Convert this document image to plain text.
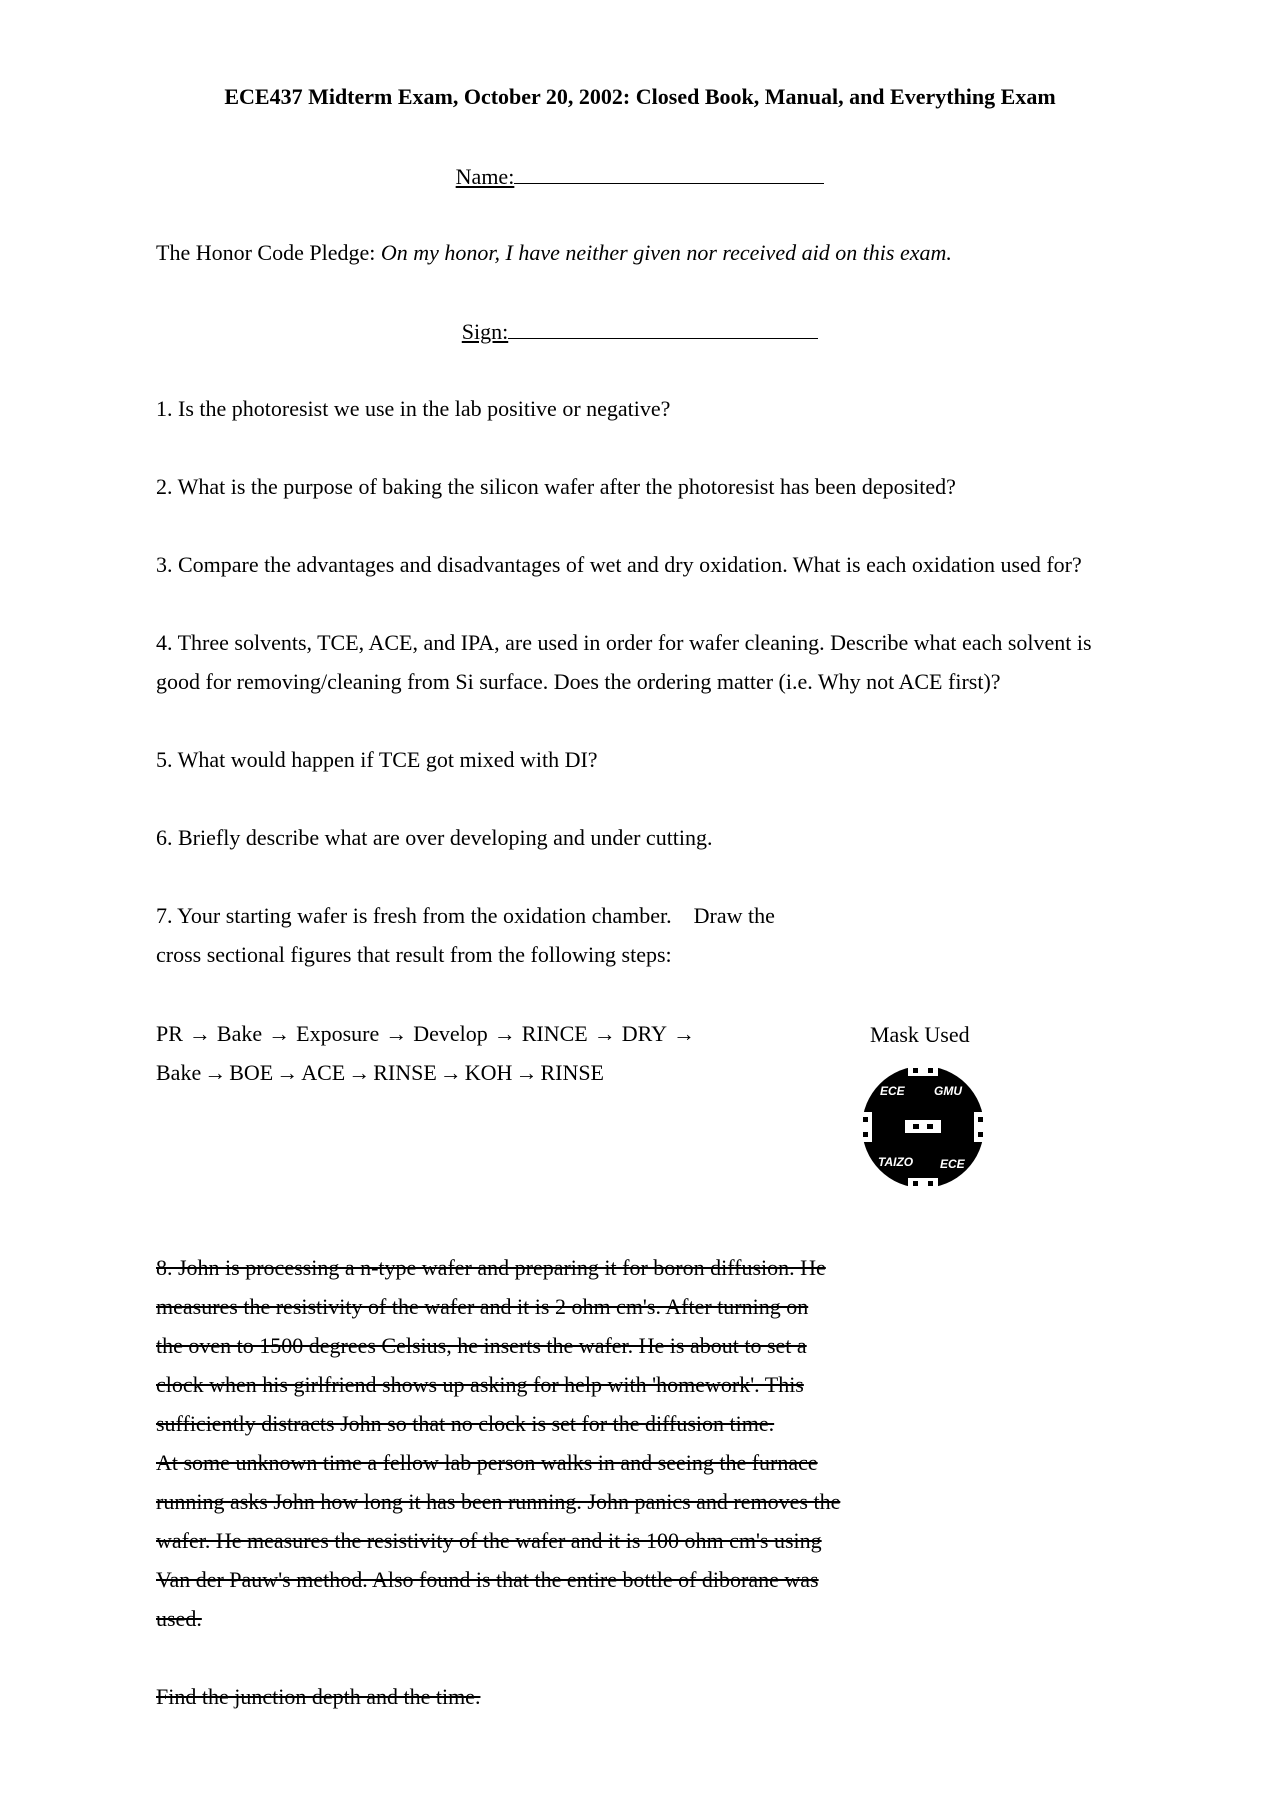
ECE437 Midterm Exam, October 20, 2002: Closed Book, Manual, and Everything Exam
Name:
The Honor Code Pledge: On my honor, I have neither given nor received aid on this exam.
Sign:
1. Is the photoresist we use in the lab positive or negative?
2. What is the purpose of baking the silicon wafer after the photoresist has been deposited?
3. Compare the advantages and disadvantages of wet and dry oxidation. What is each oxidation used for?
4. Three solvents, TCE, ACE, and IPA, are used in order for wafer cleaning. Describe what each solvent is
good for removing/cleaning from Si surface. Does the ordering matter (i.e. Why not ACE first)?
5. What would happen if TCE got mixed with DI?
6. Briefly describe what are over developing and under cutting.
7. Your starting wafer is fresh from the oxidation chamber.    Draw the
cross sectional figures that result from the following steps:
PR → Bake → Exposure → Develop → RINCE → DRY →
Bake → BOE → ACE → RINSE → KOH → RINSE
Mask Used
ECE GMU
TAIZO ECE
8. John is processing a n-type wafer and preparing it for boron diffusion. He
measures the resistivity of the wafer and it is 2 ohm cm's. After turning on
the oven to 1500 degrees Celsius, he inserts the wafer. He is about to set a
clock when his girlfriend shows up asking for help with 'homework'. This
sufficiently distracts John so that no clock is set for the diffusion time.
At some unknown time a fellow lab person walks in and seeing the furnace
running asks John how long it has been running. John panics and removes the
wafer. He measures the resistivity of the wafer and it is 100 ohm cm's using
Van der Pauw's method. Also found is that the entire bottle of diborane was
used.
Find the junction depth and the time.
